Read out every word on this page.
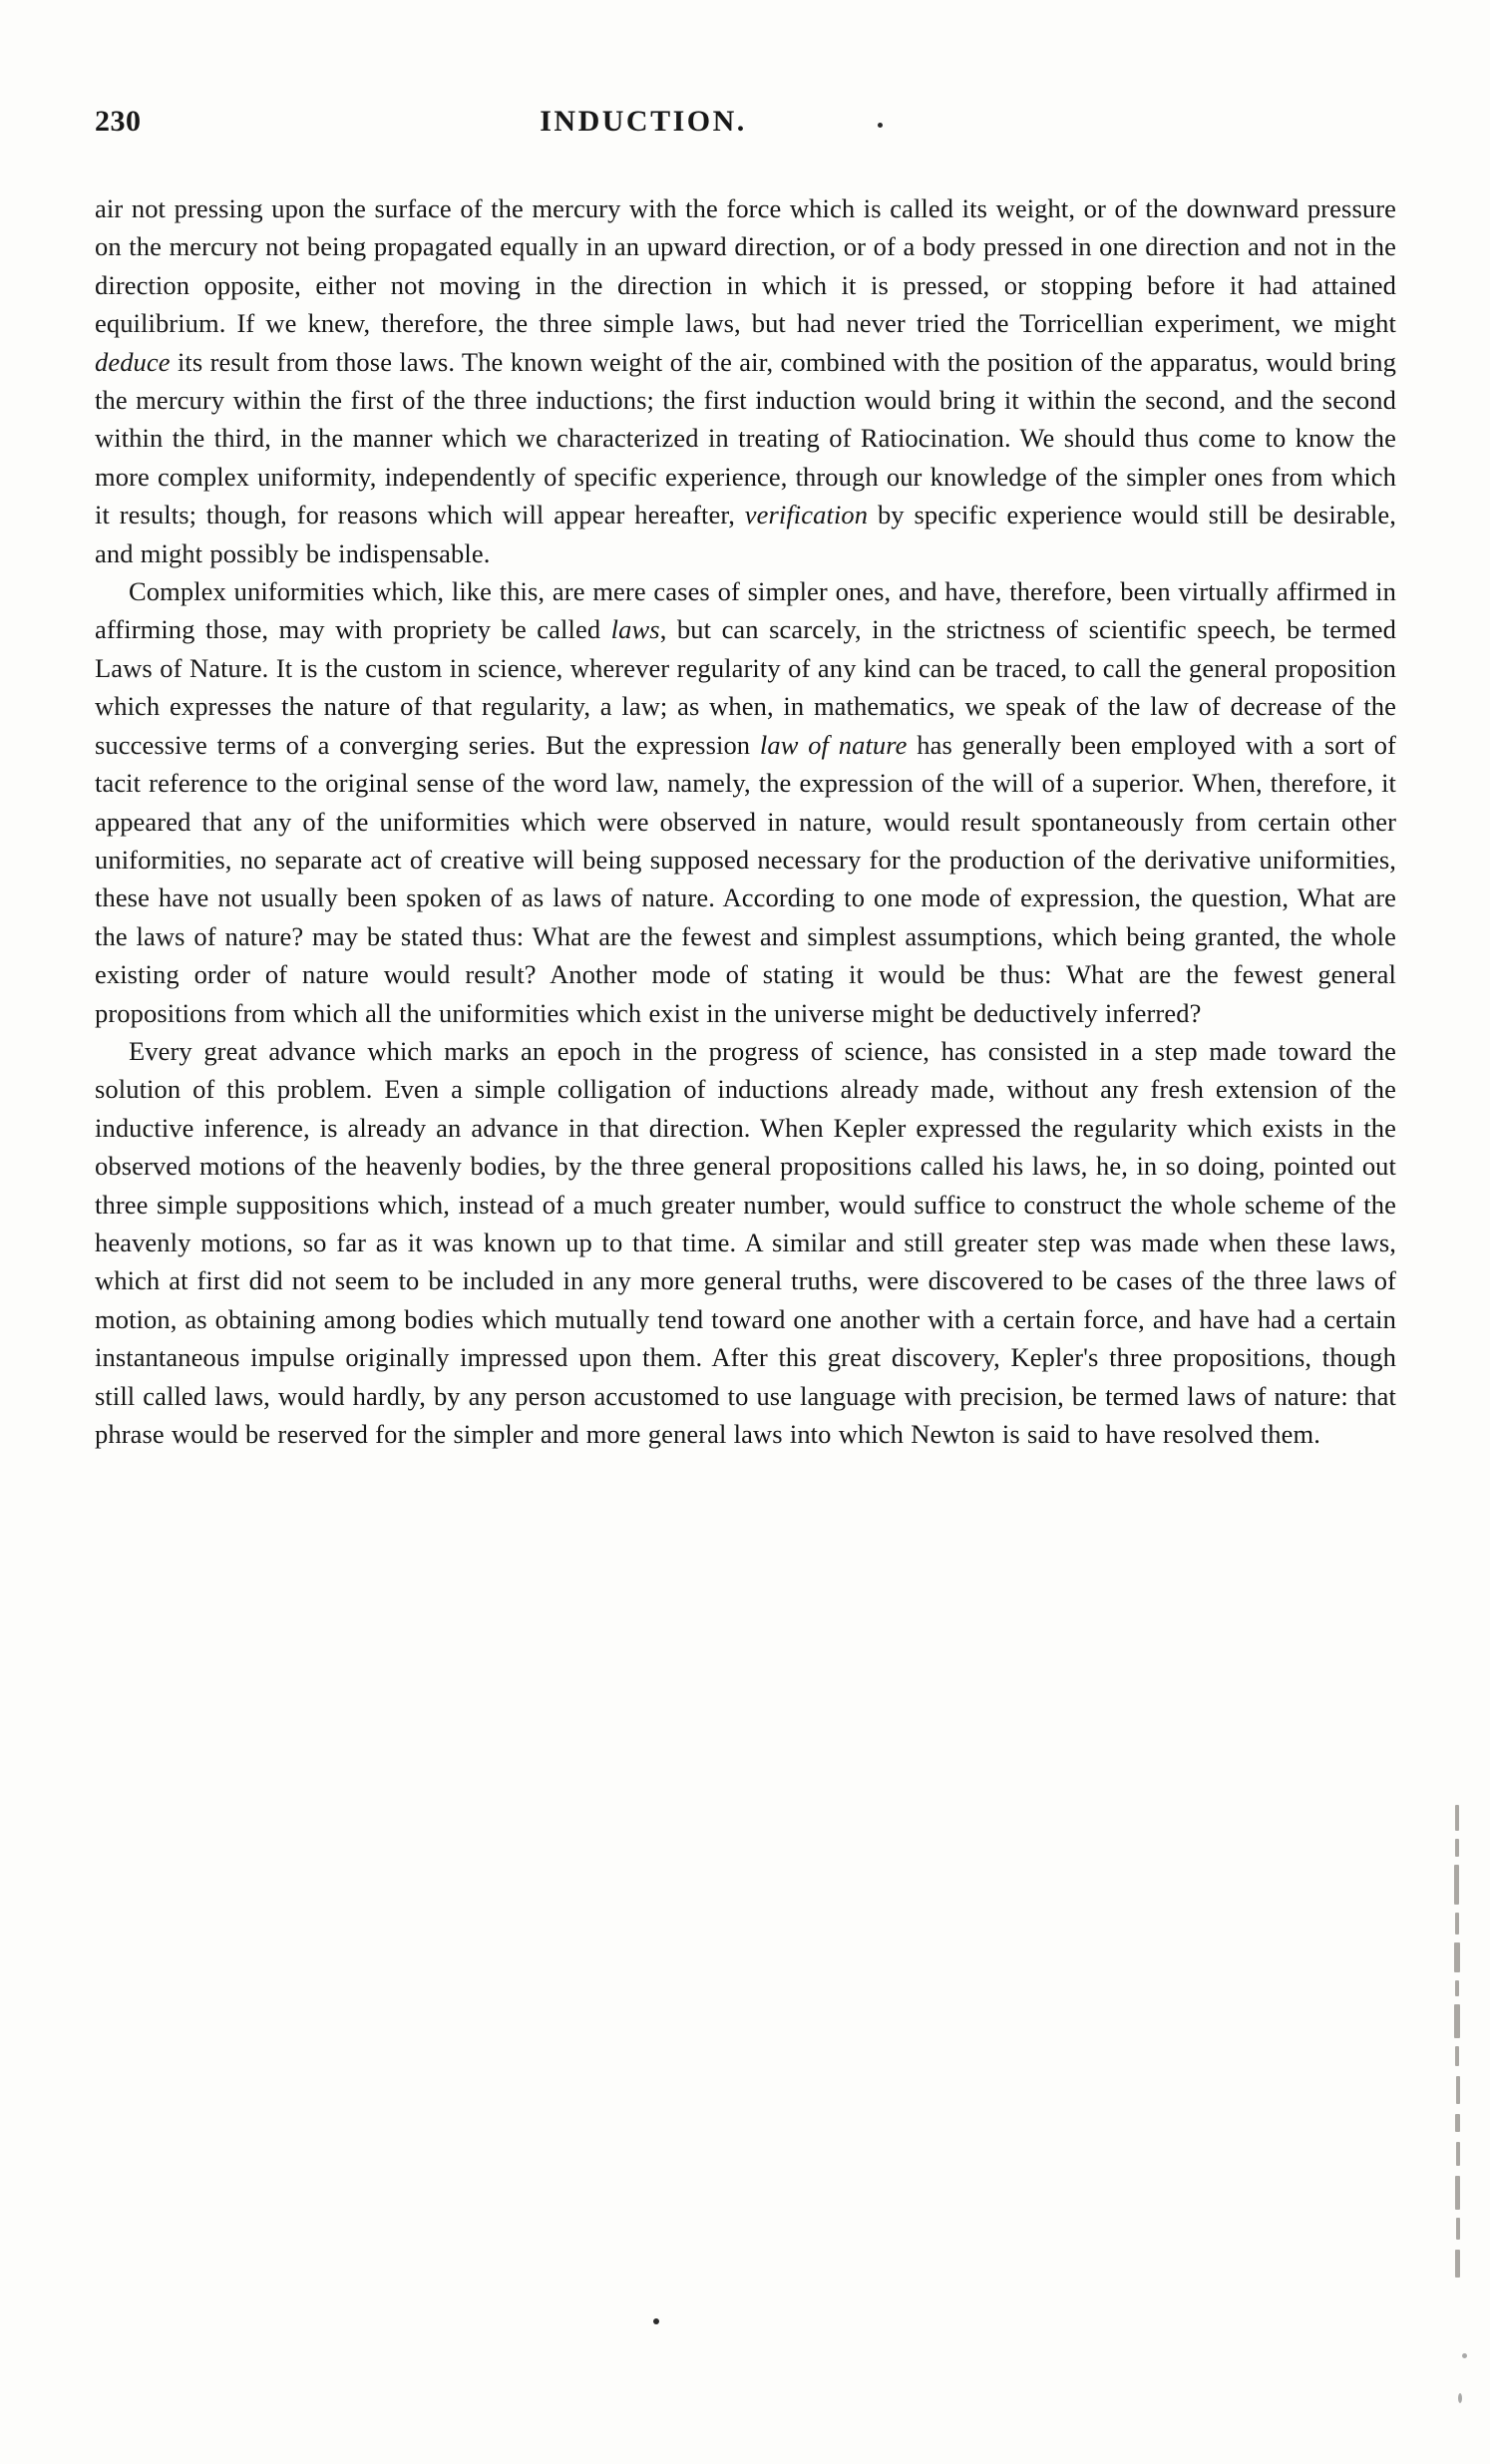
INDUCTION.
230

air not pressing upon the surface of the mercury with the force which is called its weight, or of the downward pressure on the mercury not being propagated equally in an upward direction, or of a body pressed in one direction and not in the direction opposite, either not moving in the direction in which it is pressed, or stopping before it had attained equilibrium. If we knew, therefore, the three simple laws, but had never tried the Torricellian experiment, we might deduce its result from those laws. The known weight of the air, combined with the position of the apparatus, would bring the mercury within the first of the three inductions; the first induction would bring it within the second, and the second within the third, in the manner which we characterized in treating of Ratiocination. We should thus come to know the more complex uniformity, independently of specific experience, through our knowledge of the simpler ones from which it results; though, for reasons which will appear hereafter, verification by specific experience would still be desirable, and might possibly be indispensable.

Complex uniformities which, like this, are mere cases of simpler ones, and have, therefore, been virtually affirmed in affirming those, may with propriety be called laws, but can scarcely, in the strictness of scientific speech, be termed Laws of Nature. It is the custom in science, wherever regularity of any kind can be traced, to call the general proposition which expresses the nature of that regularity, a law; as when, in mathematics, we speak of the law of decrease of the successive terms of a converging series. But the expression law of nature has generally been employed with a sort of tacit reference to the original sense of the word law, namely, the expression of the will of a superior. When, therefore, it appeared that any of the uniformities which were observed in nature, would result spontaneously from certain other uniformities, no separate act of creative will being supposed necessary for the production of the derivative uniformities, these have not usually been spoken of as laws of nature. According to one mode of expression, the question, What are the laws of nature? may be stated thus: What are the fewest and simplest assumptions, which being granted, the whole existing order of nature would result? Another mode of stating it would be thus: What are the fewest general propositions from which all the uniformities which exist in the universe might be deductively inferred?

Every great advance which marks an epoch in the progress of science, has consisted in a step made toward the solution of this problem. Even a simple colligation of inductions already made, without any fresh extension of the inductive inference, is already an advance in that direction. When Kepler expressed the regularity which exists in the observed motions of the heavenly bodies, by the three general propositions called his laws, he, in so doing, pointed out three simple suppositions which, instead of a much greater number, would suffice to construct the whole scheme of the heavenly motions, so far as it was known up to that time. A similar and still greater step was made when these laws, which at first did not seem to be included in any more general truths, were discovered to be cases of the three laws of motion, as obtaining among bodies which mutually tend toward one another with a certain force, and have had a certain instantaneous impulse originally impressed upon them. After this great discovery, Kepler's three propositions, though still called laws, would hardly, by any person accustomed to use language with precision, be termed laws of nature: that phrase would be reserved for the simpler and more general laws into which Newton is said to have resolved them.
